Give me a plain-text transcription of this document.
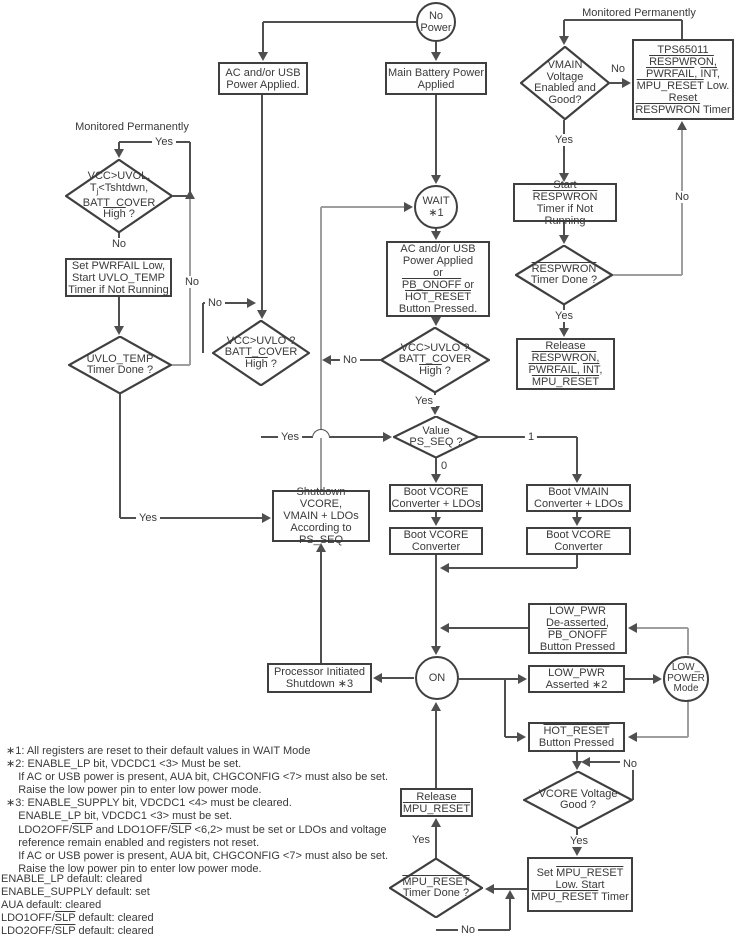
No
Power
WAIT
∗1
ON
LOW_
POWER
Mode
AC and/or USB
Power Applied.
Main Battery Power
Applied
TPS65011
RESPWRON,
PWRFAIL, $\overline{INT}$,
MPU_RESET Low.
Reset
RESPWRON Timer
Start
RESPWRON
Timer if Not Running
Release
RESPWRON,
PWRFAIL, $\overline{INT}$,
MPU_RESET
Set PWRFAIL Low,
Start UVLO_TEMP
Timer if Not Running
AC and/or USB
Power Applied
or
PB_ONOFF or
HOT_RESET
Button Pressed.
Shutdown VCORE,
VMAIN + LDOs
According to
PS_SEQ
Boot VCORE
Converter + LDOs
Boot VCORE
Converter
Boot VMAIN
Converter + LDOs
Boot VCORE
Converter
LOW_PWR
De-asserted,
PB_ONOFF
Button Pressed
LOW_PWR
Asserted ∗2
HOT_RESET
Button Pressed
Processor Initiated
Shutdown ∗3
Release
MPU_RESET
Set MPU_RESET
Low. Start
MPU_RESET Timer
VCC>UVOL,
$T_j<Tshtdwn$,
BATT_COVER
High ?
UVLO_TEMP
Timer Done ?
VCC>UVLO ?
BATT_COVER
High ?
VCC>UVLO ?
BATT_COVER
High ?
Value
PS_SEQ ?
VMAIN
Voltage
Enabled and
Good?
RESPWRON
Timer Done ?
VCORE Voltage
Good ?
MPU_RESET
Timer Done ?
Monitored Permanently
Yes
No
No
No
No
Yes
Yes
Yes
0
1
Monitored Permanently
No
Yes
No
Yes
No
Yes
Yes
No
∗1: All registers are reset to their default values in WAIT Mode
∗2: ENABLE_LP bit, VDCDC1 <3> Must be set.
If AC or USB power is present, AUA bit, CHGCONFIG <7> must also be set.
Raise the low power pin to enter low power mode.
∗3: ENABLE_SUPPLY bit, VDCDC1 <4> must be cleared.
ENABLE_LP bit, VDCDC1 <3> must be set.
$LDO2OFF/\overline{SLP}$ and $LDO1OFF/\overline{SLP} <6,2>$ must be set or LDOs and voltage
reference remain enabled and registers not reset.
If AC or USB power is present, AUA bit, CHGCONFIG <7> must also be set.
Raise the low power pin to enter low power mode.
ENABLE_LP default: cleared
ENABLE_SUPPLY default: set
AUA default: cleared
$LDO1OFF/\overline{SLP}$ default: cleared
$LDO2OFF/\overline{SLP}$ default: cleared
